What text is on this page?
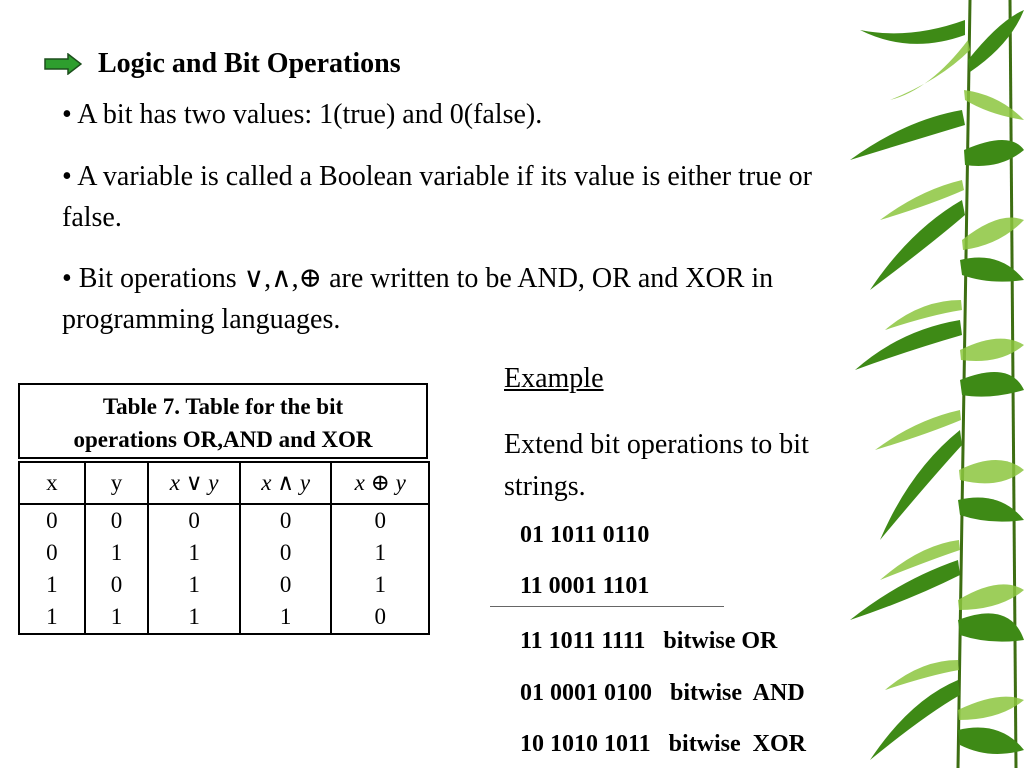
Logic and Bit Operations
• A bit has two values: 1(true) and 0(false).
• A variable is called a Boolean variable if its value is either true or false.
• Bit operations ∨,∧,⊕ are written to be AND, OR and XOR in programming languages.
Table 7. Table for the bit
operations OR,AND and XOR
x	y	x ∨ y	x ∧ y	x ⊕ y
0	0	0	0	0
0	1	1	0	1
1	0	1	0	1
1	1	1	1	0
Example
Extend bit operations to bit strings.
01 1011 0110
11 0001 1101
11 1011 1111   bitwise OR
01 0001 0100   bitwise  AND
10 1010 1011   bitwise  XOR
